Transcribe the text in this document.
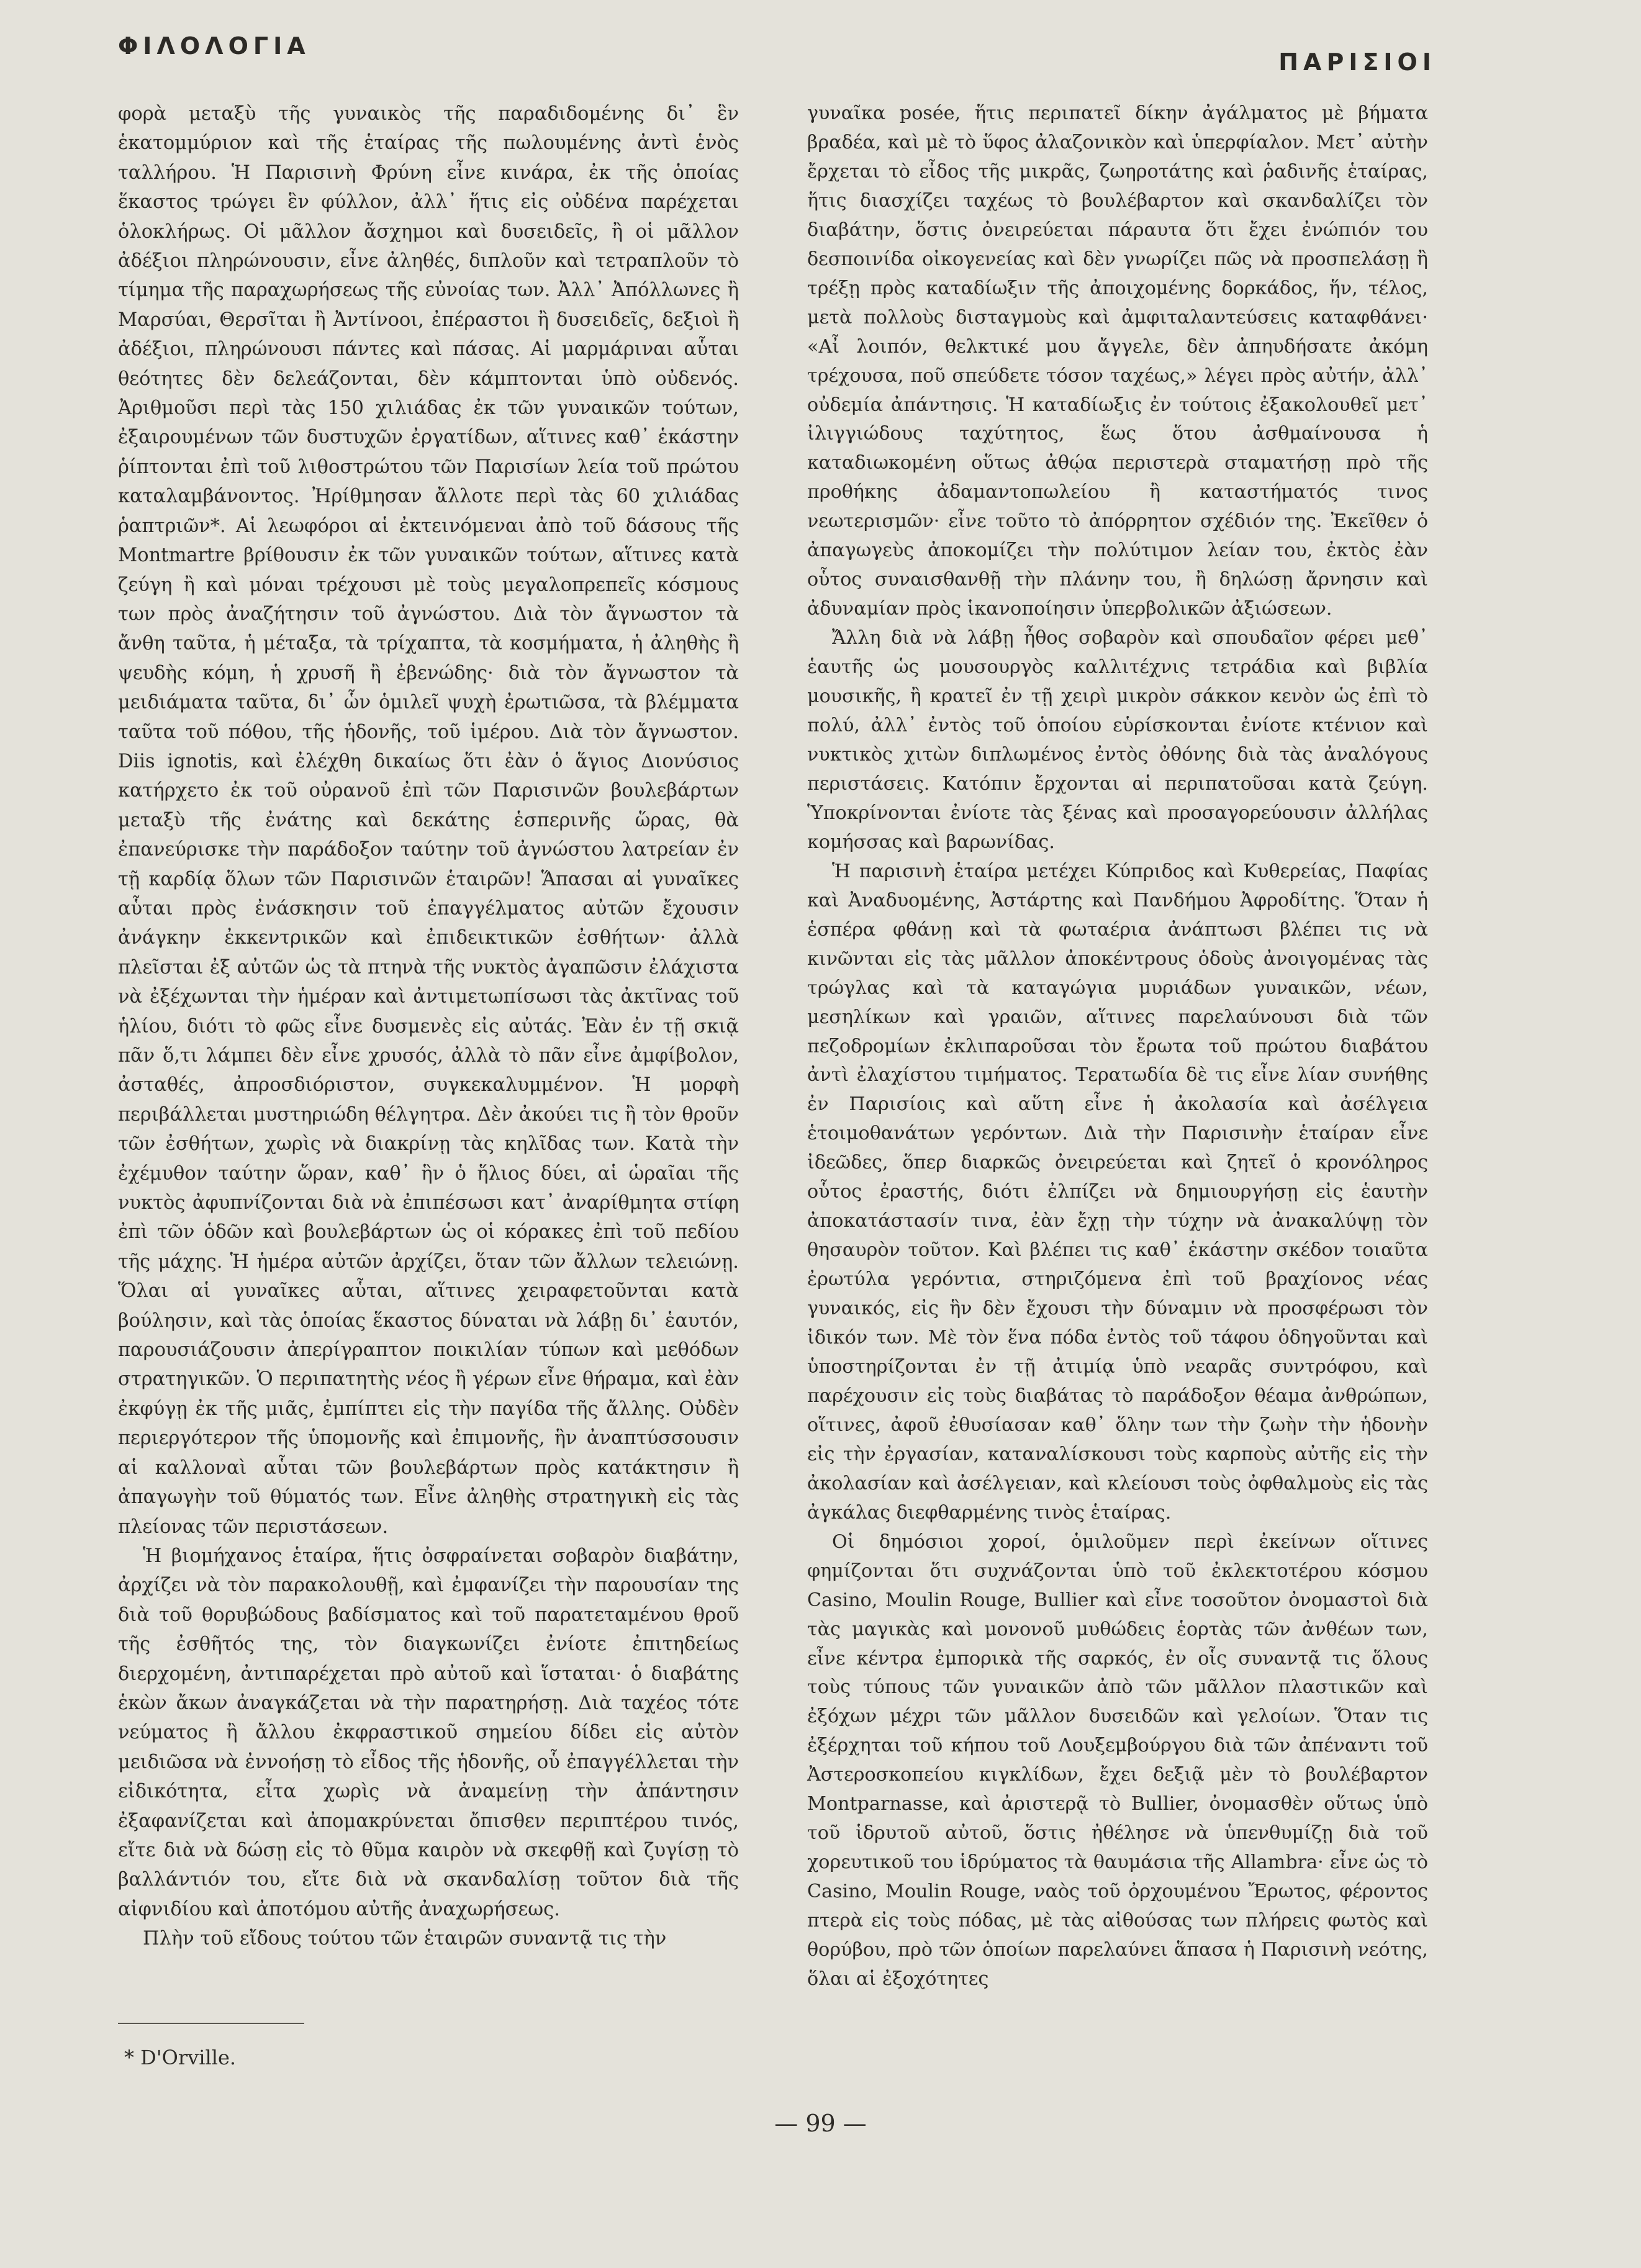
ΦΙΛΟΛΟΓΙΑ
ΠΑΡΙΣΙΟΙ

φορὰ μεταξὺ τῆς γυναικὸς τῆς παραδιδομένης δι᾽ ἓν ἑκατομμύριον καὶ τῆς ἑταίρας τῆς πωλουμένης ἀντὶ ἑνὸς ταλλήρου. Ἡ Παρισινὴ Φρύνη εἶνε κινάρα, ἐκ τῆς ὁποίας ἕκαστος τρώγει ἓν φύλλον, ἀλλ᾽ ἥτις εἰς οὐδένα παρέχεται ὁλοκλήρως. Οἱ μᾶλλον ἄσχημοι καὶ δυσειδεῖς, ἢ οἱ μᾶλλον ἀδέξιοι πληρώνουσιν, εἶνε ἀληθές, διπλοῦν καὶ τετραπλοῦν τὸ τίμημα τῆς παραχωρήσεως τῆς εὐνοίας των. Ἀλλ᾽ Ἀπόλλωνες ἢ Μαρσύαι, Θερσῖται ἢ Ἀντίνοοι, ἐπέραστοι ἢ δυσειδεῖς, δεξιοὶ ἢ ἀδέξιοι, πληρώνουσι πάντες καὶ πάσας. Αἱ μαρμάριναι αὗται θεότητες δὲν δελεάζονται, δὲν κάμπτονται ὑπὸ οὐδενός. Ἀριθμοῦσι περὶ τὰς 150 χιλιάδας ἐκ τῶν γυναικῶν τούτων, ἐξαιρουμένων τῶν δυστυχῶν ἐργατίδων, αἵτινες καθ᾽ ἑκάστην ῥίπτονται ἐπὶ τοῦ λιθοστρώτου τῶν Παρισίων λεία τοῦ πρώτου καταλαμβάνοντος. Ἠρίθμησαν ἄλλοτε περὶ τὰς 60 χιλιάδας ῥαπτριῶν*. Αἱ λεωφόροι αἱ ἐκτεινόμεναι ἀπὸ τοῦ δάσους τῆς Montmartre βρίθουσιν ἐκ τῶν γυναικῶν τούτων, αἵτινες κατὰ ζεύγη ἢ καὶ μόναι τρέχουσι μὲ τοὺς μεγαλοπρεπεῖς κόσμους των πρὸς ἀναζήτησιν τοῦ ἀγνώστου. Διὰ τὸν ἄγνωστον τὰ ἄνθη ταῦτα, ἡ μέταξα, τὰ τρίχαπτα, τὰ κοσμήματα, ἡ ἀληθὴς ἢ ψευδὴς κόμη, ἡ χρυσῆ ἢ ἐβενώδης· διὰ τὸν ἄγνωστον τὰ μειδιάματα ταῦτα, δι᾽ ὧν ὁμιλεῖ ψυχὴ ἐρωτιῶσα, τὰ βλέμματα ταῦτα τοῦ πόθου, τῆς ἡδονῆς, τοῦ ἱμέρου. Διὰ τὸν ἄγνωστον. Diis ignotis, καὶ ἐλέχθη δικαίως ὅτι ἐὰν ὁ ἅγιος Διονύσιος κατήρχετο ἐκ τοῦ οὐρανοῦ ἐπὶ τῶν Παρισινῶν βουλεβάρτων μεταξὺ τῆς ἐνάτης καὶ δεκάτης ἑσπερινῆς ὥρας, θὰ ἐπανεύρισκε τὴν παράδοξον ταύτην τοῦ ἀγνώστου λατρείαν ἐν τῇ καρδίᾳ ὅλων τῶν Παρισινῶν ἑταιρῶν! Ἅπασαι αἱ γυναῖκες αὗται πρὸς ἐνάσκησιν τοῦ ἐπαγγέλματος αὐτῶν ἔχουσιν ἀνάγκην ἐκκεντρικῶν καὶ ἐπιδεικτικῶν ἐσθήτων· ἀλλὰ πλεῖσται ἐξ αὐτῶν ὡς τὰ πτηνὰ τῆς νυκτὸς ἀγαπῶσιν ἐλάχιστα νὰ ἐξέχωνται τὴν ἡμέραν καὶ ἀντιμετωπίσωσι τὰς ἀκτῖνας τοῦ ἡλίου, διότι τὸ φῶς εἶνε δυσμενὲς εἰς αὐτάς. Ἐὰν ἐν τῇ σκιᾷ πᾶν ὅ,τι λάμπει δὲν εἶνε χρυσός, ἀλλὰ τὸ πᾶν εἶνε ἀμφίβολον, ἀσταθές, ἀπροσδιόριστον, συγκεκαλυμμένον. Ἡ μορφὴ περιβάλλεται μυστηριώδη θέλγητρα. Δὲν ἀκούει τις ἢ τὸν θροῦν τῶν ἐσθήτων, χωρὶς νὰ διακρίνῃ τὰς κηλῖδας των. Κατὰ τὴν ἐχέμυθον ταύτην ὥραν, καθ᾽ ἣν ὁ ἥλιος δύει, αἱ ὡραῖαι τῆς νυκτὸς ἀφυπνίζονται διὰ νὰ ἐπιπέσωσι κατ᾽ ἀναρίθμητα στίφη ἐπὶ τῶν ὁδῶν καὶ βουλεβάρτων ὡς οἱ κόρακες ἐπὶ τοῦ πεδίου τῆς μάχης. Ἡ ἡμέρα αὐτῶν ἀρχίζει, ὅταν τῶν ἄλλων τελειώνῃ. Ὅλαι αἱ γυναῖκες αὗται, αἵτινες χειραφετοῦνται κατὰ βούλησιν, καὶ τὰς ὁποίας ἕκαστος δύναται νὰ λάβῃ δι᾽ ἑαυτόν, παρουσιάζουσιν ἀπερίγραπτον ποικιλίαν τύπων καὶ μεθόδων στρατηγικῶν. Ὁ περιπατητὴς νέος ἢ γέρων εἶνε θήραμα, καὶ ἐὰν ἐκφύγῃ ἐκ τῆς μιᾶς, ἐμπίπτει εἰς τὴν παγίδα τῆς ἄλλης. Οὐδὲν περιεργότερον τῆς ὑπομονῆς καὶ ἐπιμονῆς, ἣν ἀναπτύσσουσιν αἱ καλλοναὶ αὗται τῶν βουλεβάρτων πρὸς κατάκτησιν ἢ ἀπαγωγὴν τοῦ θύματός των. Εἶνε ἀληθὴς στρατηγικὴ εἰς τὰς πλείονας τῶν περιστάσεων.

Ἡ βιομήχανος ἑταίρα, ἥτις ὀσφραίνεται σοβαρὸν διαβάτην, ἀρχίζει νὰ τὸν παρακολουθῇ, καὶ ἐμφανίζει τὴν παρουσίαν της διὰ τοῦ θορυβώδους βαδίσματος καὶ τοῦ παρατεταμένου θροῦ τῆς ἐσθῆτός της, τὸν διαγκωνίζει ἐνίοτε ἐπιτηδείως διερχομένη, ἀντιπαρέχεται πρὸ αὐτοῦ καὶ ἵσταται· ὁ διαβάτης ἑκὼν ἄκων ἀναγκάζεται νὰ τὴν παρατηρήσῃ. Διὰ ταχέος τότε νεύματος ἢ ἄλλου ἐκφραστικοῦ σημείου δίδει εἰς αὐτὸν μειδιῶσα νὰ ἐννοήσῃ τὸ εἶδος τῆς ἡδονῆς, οὗ ἐπαγγέλλεται τὴν εἰδικότητα, εἶτα χωρὶς νὰ ἀναμείνῃ τὴν ἀπάντησιν ἐξαφανίζεται καὶ ἀπομακρύνεται ὄπισθεν περιπτέρου τινός, εἴτε διὰ νὰ δώσῃ εἰς τὸ θῦμα καιρὸν νὰ σκεφθῇ καὶ ζυγίσῃ τὸ βαλλάντιόν του, εἴτε διὰ νὰ σκανδαλίσῃ τοῦτον διὰ τῆς αἰφνιδίου καὶ ἀποτόμου αὐτῆς ἀναχωρήσεως.

Πλὴν τοῦ εἴδους τούτου τῶν ἑταιρῶν συναντᾷ τις τὴν

γυναῖκα posée, ἥτις περιπατεῖ δίκην ἀγάλματος μὲ βήματα βραδέα, καὶ μὲ τὸ ὕφος ἀλαζονικὸν καὶ ὑπερφίαλον. Μετ᾽ αὐτὴν ἔρχεται τὸ εἶδος τῆς μικρᾶς, ζωηροτάτης καὶ ῥαδινῆς ἑταίρας, ἥτις διασχίζει ταχέως τὸ βουλέβαρτον καὶ σκανδαλίζει τὸν διαβάτην, ὅστις ὀνειρεύεται πάραυτα ὅτι ἔχει ἐνώπιόν του δεσποινίδα οἰκογενείας καὶ δὲν γνωρίζει πῶς νὰ προσπελάσῃ ἢ τρέξῃ πρὸς καταδίωξιν τῆς ἀποιχομένης δορκάδος, ἥν, τέλος, μετὰ πολλοὺς δισταγμοὺς καὶ ἀμφιταλαντεύσεις καταφθάνει· «Αἶ λοιπόν, θελκτικέ μου ἄγγελε, δὲν ἀπηυδήσατε ἀκόμη τρέχουσα, ποῦ σπεύδετε τόσον ταχέως,» λέγει πρὸς αὐτήν, ἀλλ᾽ οὐδεμία ἀπάντησις. Ἡ καταδίωξις ἐν τούτοις ἐξακολουθεῖ μετ᾽ ἰλιγγιώδους ταχύτητος, ἕως ὅτου ἀσθμαίνουσα ἡ καταδιωκομένη οὕτως ἀθῴα περιστερὰ σταματήσῃ πρὸ τῆς προθήκης ἀδαμαντοπωλείου ἢ καταστήματός τινος νεωτερισμῶν· εἶνε τοῦτο τὸ ἀπόρρητον σχέδιόν της. Ἐκεῖθεν ὁ ἀπαγωγεὺς ἀποκομίζει τὴν πολύτιμον λείαν του, ἐκτὸς ἐὰν οὗτος συναισθανθῇ τὴν πλάνην του, ἢ δηλώσῃ ἄρνησιν καὶ ἀδυναμίαν πρὸς ἱκανοποίησιν ὑπερβολικῶν ἀξιώσεων.

Ἄλλη διὰ νὰ λάβῃ ἦθος σοβαρὸν καὶ σπουδαῖον φέρει μεθ᾽ ἑαυτῆς ὡς μουσουργὸς καλλιτέχνις τετράδια καὶ βιβλία μουσικῆς, ἢ κρατεῖ ἐν τῇ χειρὶ μικρὸν σάκκον κενὸν ὡς ἐπὶ τὸ πολύ, ἀλλ᾽ ἐντὸς τοῦ ὁποίου εὑρίσκονται ἐνίοτε κτένιον καὶ νυκτικὸς χιτὼν διπλωμένος ἐντὸς ὀθόνης διὰ τὰς ἀναλόγους περιστάσεις. Κατόπιν ἔρχονται αἱ περιπατοῦσαι κατὰ ζεύγη. Ὑποκρίνονται ἐνίοτε τὰς ξένας καὶ προσαγορεύουσιν ἀλλήλας κομήσσας καὶ βαρωνίδας.

Ἡ παρισινὴ ἑταίρα μετέχει Κύπριδος καὶ Κυθερείας, Παφίας καὶ Ἀναδυομένης, Ἀστάρτης καὶ Πανδήμου Ἀφροδίτης. Ὅταν ἡ ἑσπέρα φθάνῃ καὶ τὰ φωταέρια ἀνάπτωσι βλέπει τις νὰ κινῶνται εἰς τὰς μᾶλλον ἀποκέντρους ὁδοὺς ἀνοιγομένας τὰς τρώγλας καὶ τὰ καταγώγια μυριάδων γυναικῶν, νέων, μεσηλίκων καὶ γραιῶν, αἵτινες παρελαύνουσι διὰ τῶν πεζοδρομίων ἐκλιπαροῦσαι τὸν ἔρωτα τοῦ πρώτου διαβάτου ἀντὶ ἐλαχίστου τιμήματος. Τερατωδία δὲ τις εἶνε λίαν συνήθης ἐν Παρισίοις καὶ αὕτη εἶνε ἡ ἀκολασία καὶ ἀσέλγεια ἑτοιμοθανάτων γερόντων. Διὰ τὴν Παρισινὴν ἑταίραν εἶνε ἰδεῶδες, ὅπερ διαρκῶς ὀνειρεύεται καὶ ζητεῖ ὁ κρονόληρος οὗτος ἐραστής, διότι ἐλπίζει νὰ δημιουργήσῃ εἰς ἑαυτὴν ἀποκατάστασίν τινα, ἐὰν ἔχῃ τὴν τύχην νὰ ἀνακαλύψῃ τὸν θησαυρὸν τοῦτον. Καὶ βλέπει τις καθ᾽ ἑκάστην σκέδον τοιαῦτα ἐρωτύλα γερόντια, στηριζόμενα ἐπὶ τοῦ βραχίονος νέας γυναικός, εἰς ἣν δὲν ἔχουσι τὴν δύναμιν νὰ προσφέρωσι τὸν ἰδικόν των. Μὲ τὸν ἕνα πόδα ἐντὸς τοῦ τάφου ὁδηγοῦνται καὶ ὑποστηρίζονται ἐν τῇ ἀτιμίᾳ ὑπὸ νεαρᾶς συντρόφου, καὶ παρέχουσιν εἰς τοὺς διαβάτας τὸ παράδοξον θέαμα ἀνθρώπων, οἵτινες, ἀφοῦ ἐθυσίασαν καθ᾽ ὅλην των τὴν ζωὴν τὴν ἡδονὴν εἰς τὴν ἐργασίαν, καταναλίσκουσι τοὺς καρποὺς αὐτῆς εἰς τὴν ἀκολασίαν καὶ ἀσέλγειαν, καὶ κλείουσι τοὺς ὀφθαλμοὺς εἰς τὰς ἀγκάλας διεφθαρμένης τινὸς ἑταίρας.

Οἱ δημόσιοι χοροί, ὁμιλοῦμεν περὶ ἐκείνων οἵτινες φημίζονται ὅτι συχνάζονται ὑπὸ τοῦ ἐκλεκτοτέρου κόσμου Casino, Moulin Rouge, Bullier καὶ εἶνε τοσοῦτον ὀνομαστοὶ διὰ τὰς μαγικὰς καὶ μονονοῦ μυθώδεις ἑορτὰς τῶν ἀνθέων των, εἶνε κέντρα ἐμπορικὰ τῆς σαρκός, ἐν οἷς συναντᾷ τις ὅλους τοὺς τύπους τῶν γυναικῶν ἀπὸ τῶν μᾶλλον πλαστικῶν καὶ ἐξόχων μέχρι τῶν μᾶλλον δυσειδῶν καὶ γελοίων. Ὅταν τις ἐξέρχηται τοῦ κήπου τοῦ Λουξεμβούργου διὰ τῶν ἀπέναντι τοῦ Ἀστεροσκοπείου κιγκλίδων, ἔχει δεξιᾷ μὲν τὸ βουλέβαρτον Montparnasse, καὶ ἀριστερᾷ τὸ Bullier, ὀνομασθὲν οὕτως ὑπὸ τοῦ ἱδρυτοῦ αὐτοῦ, ὅστις ἠθέλησε νὰ ὑπενθυμίζῃ διὰ τοῦ χορευτικοῦ του ἱδρύματος τὰ θαυμάσια τῆς Allambra· εἶνε ὡς τὸ Casino, Moulin Rouge, ναὸς τοῦ ὀρχουμένου Ἔρωτος, φέροντος πτερὰ εἰς τοὺς πόδας, μὲ τὰς αἰθούσας των πλήρεις φωτὸς καὶ θορύβου, πρὸ τῶν ὁποίων παρελαύνει ἅπασα ἡ Παρισινὴ νεότης, ὅλαι αἱ ἐξοχότητες

* D'Orville.
— 99 —
